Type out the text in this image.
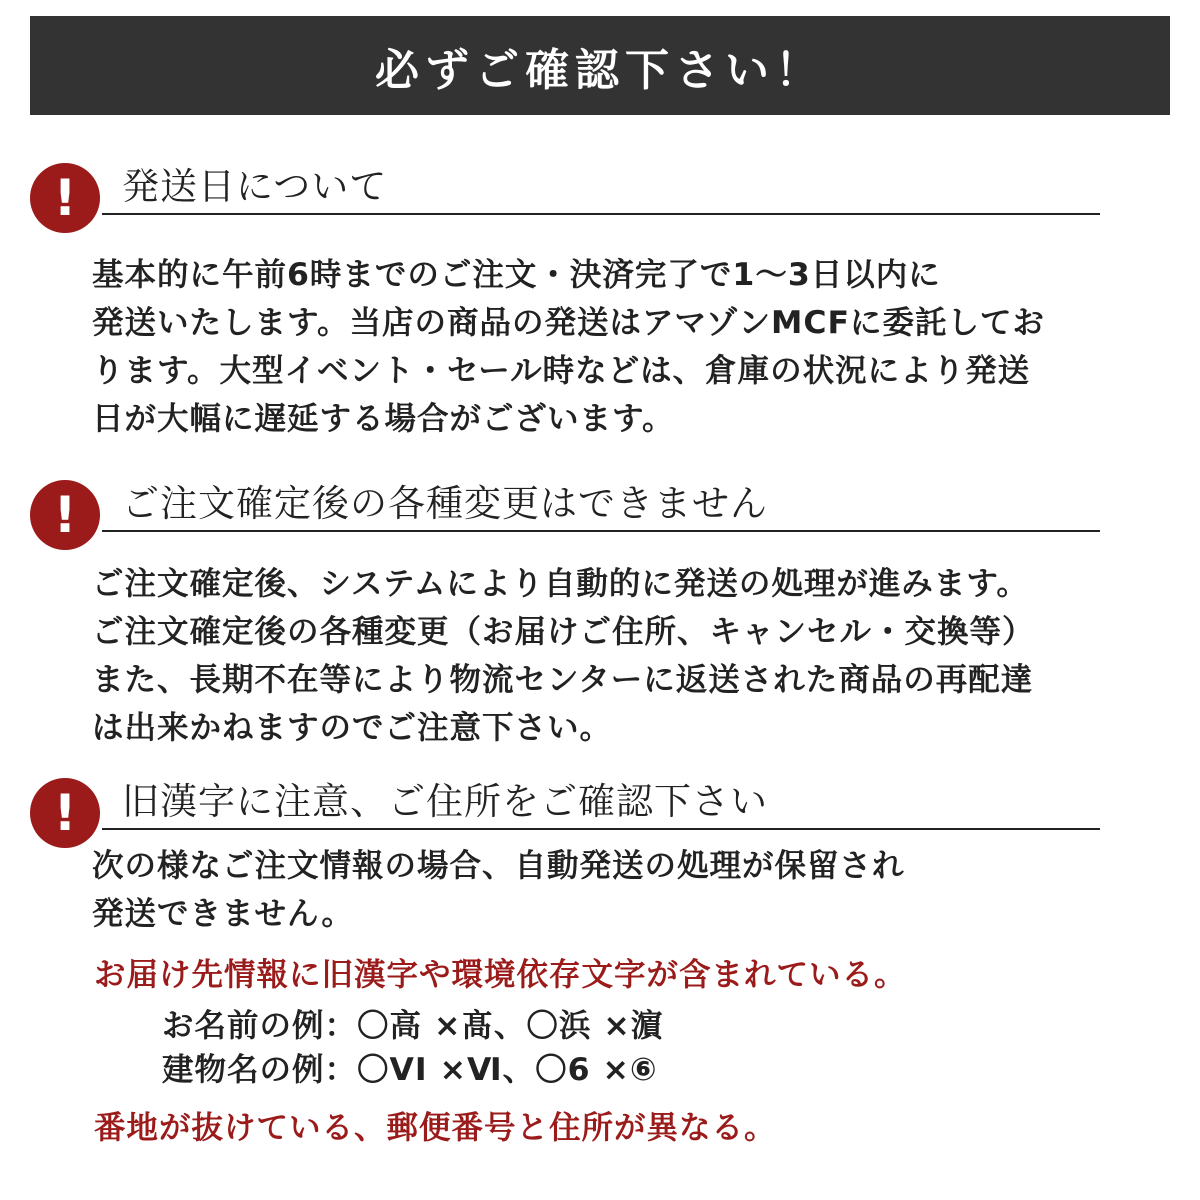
必ずご確認下さい！
!	発送日について
基本的に午前6時までのご注文・決済完了で1～3日以内に
発送いたします。当店の商品の発送はアマゾンMCFに委託してお
ります。大型イベント・セール時などは、倉庫の状況により発送
日が大幅に遅延する場合がございます。
!	ご注文確定後の各種変更はできません
ご注文確定後、システムにより自動的に発送の処理が進みます。
ご注文確定後の各種変更（お届けご住所、キャンセル・交換等）
また、長期不在等により物流センターに返送された商品の再配達
は出来かねますのでご注意下さい。
!	旧漢字に注意、ご住所をご確認下さい
次の様なご注文情報の場合、自動発送の処理が保留され
発送できません。
お届け先情報に旧漢字や環境依存文字が含まれている。
お名前の例：〇高 ×髙、〇浜 ×濵
建物名の例：〇VI ×Ⅵ、〇6 ×⑥
番地が抜けている、郵便番号と住所が異なる。
